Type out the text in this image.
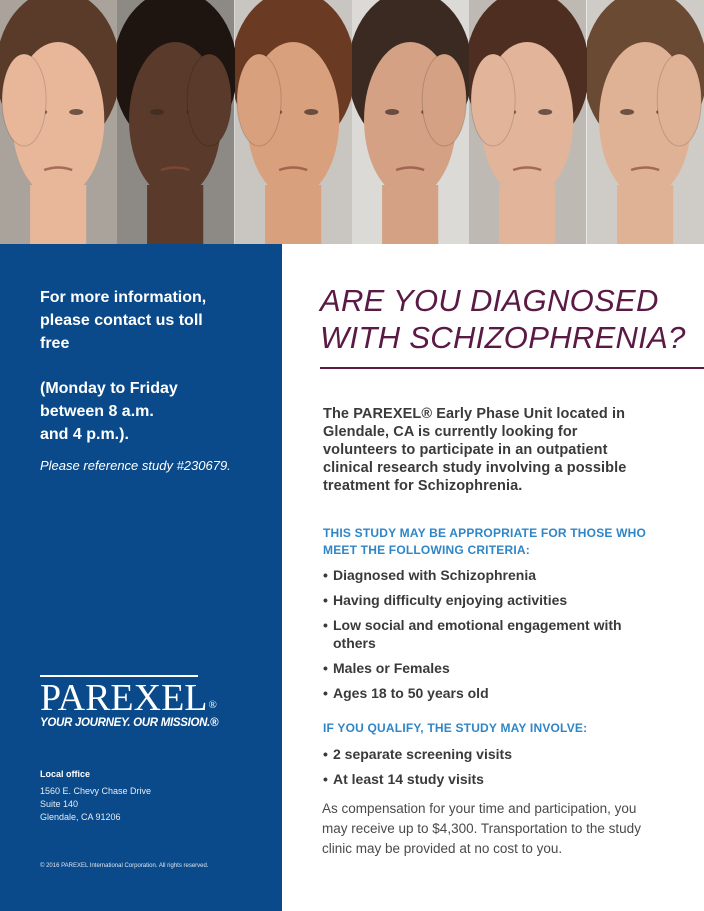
For more information,
please contact us toll
free
(Monday to Friday
between 8 a.m.
and 4 p.m.).
Please reference study #230679.
PAREXEL®
YOUR JOURNEY. OUR MISSION.®
Local office
1560 E. Chevy Chase Drive
Suite 140
Glendale, CA 91206
© 2016 PAREXEL International Corporation. All rights reserved.
ARE YOU DIAGNOSED WITH SCHIZOPHRENIA?
The PAREXEL® Early Phase Unit located in Glendale, CA is currently looking for volunteers to participate in an outpatient clinical research study involving a possible treatment for Schizophrenia.
THIS STUDY MAY BE APPROPRIATE FOR THOSE WHO MEET THE FOLLOWING CRITERIA:
• Diagnosed with Schizophrenia
• Having difficulty enjoying activities
• Low social and emotional engagement with others
• Males or Females
• Ages 18 to 50 years old
IF YOU QUALIFY, THE STUDY MAY INVOLVE:
• 2 separate screening visits
• At least 14 study visits
As compensation for your time and participation, you may receive up to $4,300. Transportation to the study clinic may be provided at no cost to you.
